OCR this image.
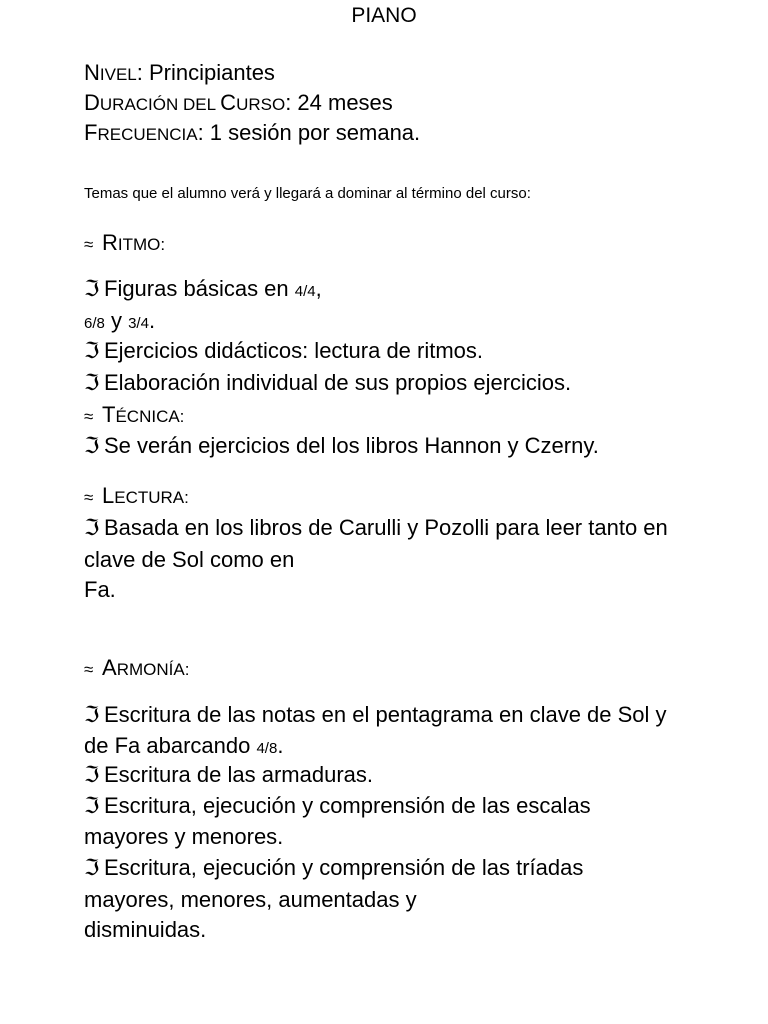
PIANO
NIVEL: Principiantes
DURACIÓN DEL CURSO: 24 meses
FRECUENCIA: 1 sesión por semana.
Temas que el alumno verá y llegará a dominar al término del curso:
≈ RITMO:
ℑ Figuras básicas en 4/4,
6/8 y 3/4.
ℑ Ejercicios didácticos: lectura de ritmos.
ℑ Elaboración individual de sus propios ejercicios.
≈ TÉCNICA:
ℑ Se verán ejercicios del los libros Hannon y Czerny.
≈ LECTURA:
ℑ Basada en los libros de Carulli y Pozolli para leer tanto en
clave de Sol como en
Fa.
≈ ARMONÍA:
ℑ Escritura de las notas en el pentagrama en clave de Sol y
de Fa abarcando 4/8.
ℑ Escritura de las armaduras.
ℑ Escritura, ejecución y comprensión de las escalas
mayores y menores.
ℑ Escritura, ejecución y comprensión de las tríadas
mayores, menores, aumentadas y
disminuidas.
